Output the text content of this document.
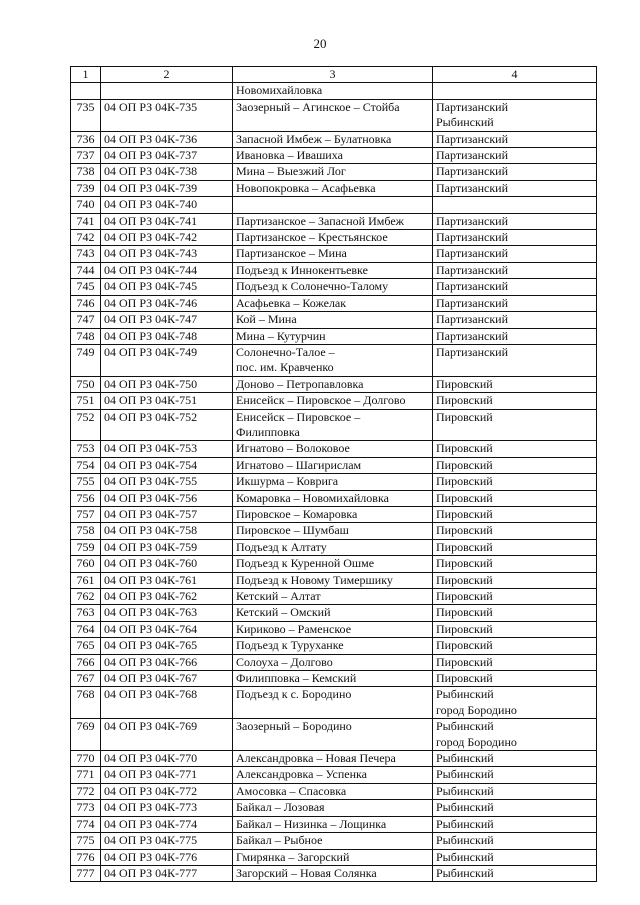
20
1	2	3	4
		Новомихайловка	
735	04 ОП РЗ 04К-735	Заозерный – Агинское – Стойба	Партизанский
Рыбинский

736	04 ОП РЗ 04К-736	Запасной Имбеж – Булатновка	Партизанский

737	04 ОП РЗ 04К-737	Ивановка – Ивашиха	Партизанский

738	04 ОП РЗ 04К-738	Мина – Выезжий Лог	Партизанский

739	04 ОП РЗ 04К-739	Новопокровка – Асафьевка	Партизанский

740	04 ОП РЗ 04К-740	

741	04 ОП РЗ 04К-741	Партизанское – Запасной Имбеж	Партизанский

742	04 ОП РЗ 04К-742	Партизанское – Крестьянское	Партизанский

743	04 ОП РЗ 04К-743	Партизанское – Мина	Партизанский

744	04 ОП РЗ 04К-744	Подъезд к Иннокентьевке	Партизанский

745	04 ОП РЗ 04К-745	Подъезд к Солонечно-Талому	Партизанский

746	04 ОП РЗ 04К-746	Асафьевка – Кожелак	Партизанский

747	04 ОП РЗ 04К-747	Кой – Мина	Партизанский

748	04 ОП РЗ 04К-748	Мина – Кутурчин	Партизанский

749	04 ОП РЗ 04К-749	Солонечно-Талое –
пос. им. Кравченко	Партизанский

750	04 ОП РЗ 04К-750	Доново – Петропавловка	Пировский

751	04 ОП РЗ 04К-751	Енисейск – Пировское – Долгово	Пировский

752	04 ОП РЗ 04К-752	Енисейск – Пировское –
Филипповка	Пировский

753	04 ОП РЗ 04К-753	Игнатово – Волоковое	Пировский

754	04 ОП РЗ 04К-754	Игнатово – Шагирислам	Пировский

755	04 ОП РЗ 04К-755	Икшурма – Коврига	Пировский

756	04 ОП РЗ 04К-756	Комаровка – Новомихайловка	Пировский

757	04 ОП РЗ 04К-757	Пировское – Комаровка	Пировский

758	04 ОП РЗ 04К-758	Пировское – Шумбаш	Пировский

759	04 ОП РЗ 04К-759	Подъезд к Алтату	Пировский

760	04 ОП РЗ 04К-760	Подъезд к Куренной Ошме	Пировский

761	04 ОП РЗ 04К-761	Подъезд к Новому Тимершику	Пировский

762	04 ОП РЗ 04К-762	Кетский – Алтат	Пировский

763	04 ОП РЗ 04К-763	Кетский – Омский	Пировский

764	04 ОП РЗ 04К-764	Кириково – Раменское	Пировский

765	04 ОП РЗ 04К-765	Подъезд к Туруханке	Пировский

766	04 ОП РЗ 04К-766	Солоуха – Долгово	Пировский

767	04 ОП РЗ 04К-767	Филипповка – Кемский	Пировский

768	04 ОП РЗ 04К-768	Подъезд к с. Бородино	Рыбинский
город Бородино

769	04 ОП РЗ 04К-769	Заозерный – Бородино	Рыбинский
город Бородино

770	04 ОП РЗ 04К-770	Александровка – Новая Печера	Рыбинский

771	04 ОП РЗ 04К-771	Александровка – Успенка	Рыбинский

772	04 ОП РЗ 04К-772	Амосовка – Спасовка	Рыбинский

773	04 ОП РЗ 04К-773	Байкал – Лозовая	Рыбинский

774	04 ОП РЗ 04К-774	Байкал – Низинка – Лощинка	Рыбинский

775	04 ОП РЗ 04К-775	Байкал – Рыбное	Рыбинский

776	04 ОП РЗ 04К-776	Гмирянка – Загорский	Рыбинский

777	04 ОП РЗ 04К-777	Загорский – Новая Солянка	Рыбинский
